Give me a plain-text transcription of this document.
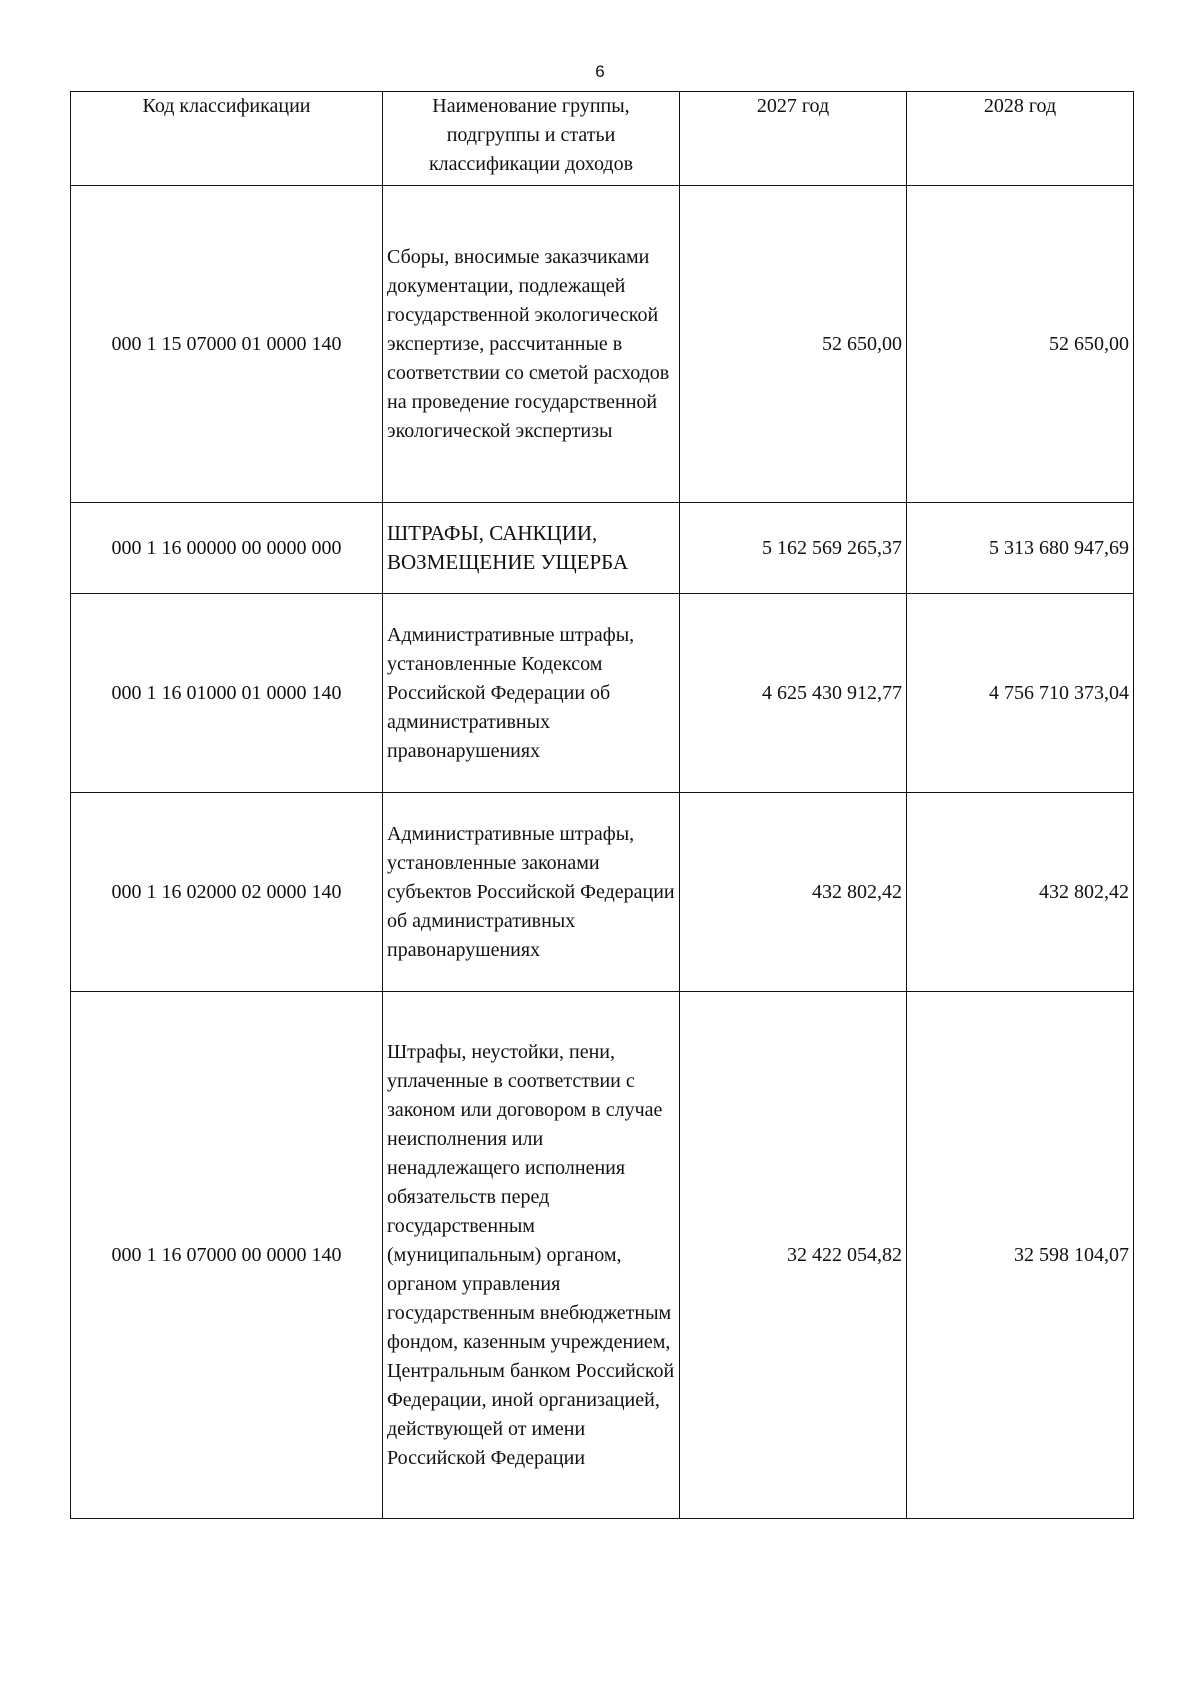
6
Код классификации	Наименование группы, подгруппы и статьи классификации доходов	2027 год	2028 год
000 1 15 07000 01 0000 140	Сборы, вносимые заказчиками документации, подлежащей государственной экологической экспертизе, рассчитанные в соответствии со сметой расходов на проведение государственной экологической экспертизы	52 650,00	52 650,00
000 1 16 00000 00 0000 000	ШТРАФЫ, САНКЦИИ, ВОЗМЕЩЕНИЕ УЩЕРБА	5 162 569 265,37	5 313 680 947,69
000 1 16 01000 01 0000 140	Административные штрафы, установленные Кодексом Российской Федерации об административных правонарушениях	4 625 430 912,77	4 756 710 373,04
000 1 16 02000 02 0000 140	Административные штрафы, установленные законами субъектов Российской Федерации об административных правонарушениях	432 802,42	432 802,42
000 1 16 07000 00 0000 140	Штрафы, неустойки, пени, уплаченные в соответствии с законом или договором в случае неисполнения или ненадлежащего исполнения обязательств перед государственным (муниципальным) органом, органом управления государственным внебюджетным фондом, казенным учреждением, Центральным банком Российской Федерации, иной организацией, действующей от имени Российской Федерации	32 422 054,82	32 598 104,07
